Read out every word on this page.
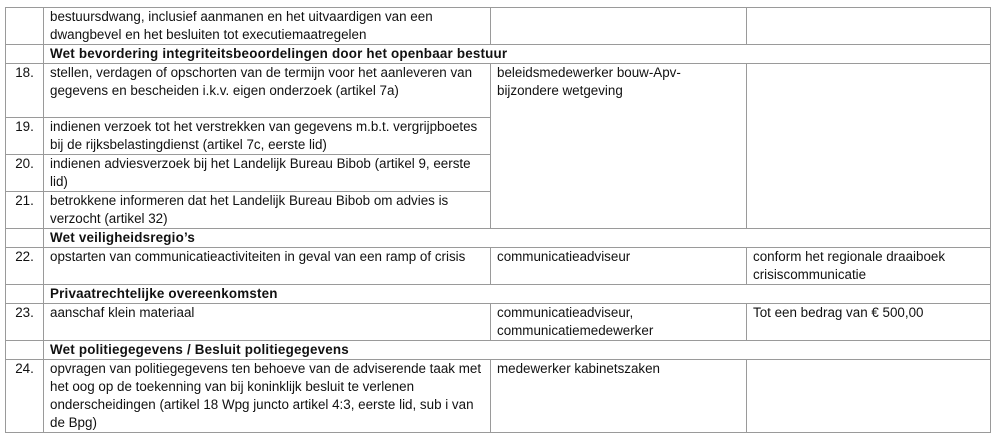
	bestuursdwang, inclusief aanmanen en het uitvaardigen van een dwangbevel en het besluiten tot executiemaatregelen		
	Wet bevordering integriteitsbeoordelingen door het openbaar bestuur		
18.	stellen, verdagen of opschorten van de termijn voor het aanleveren van gegevens en bescheiden i.k.v. eigen onderzoek (artikel 7a)	beleidsmedewerker bouw-Apv-bijzondere wetgeving	
19.	indienen verzoek tot het verstrekken van gegevens m.b.t. vergrijpboetes bij de rijksbelastingdienst (artikel 7c, eerste lid)		
20.	indienen adviesverzoek bij het Landelijk Bureau Bibob (artikel 9, eerste lid)		
21.	betrokkene informeren dat het Landelijk Bureau Bibob om advies is verzocht (artikel 32)		
	Wet veiligheidsregio’s		
22.	opstarten van communicatieactiviteiten in geval van een ramp of crisis	communicatieadviseur	conform het regionale draaiboek crisiscommunicatie
	Privaatrechtelijke overeenkomsten		
23.	aanschaf klein materiaal	communicatieadviseur, communicatiemedewerker	Tot een bedrag van € 500,00
	Wet politiegegevens / Besluit politiegegevens		
24.	opvragen van politiegegevens ten behoeve van de adviserende taak met het oog op de toekenning van bij koninklijk besluit te verlenen onderscheidingen (artikel 18 Wpg juncto artikel 4:3, eerste lid, sub i van de Bpg)	medewerker kabinetszaken	
